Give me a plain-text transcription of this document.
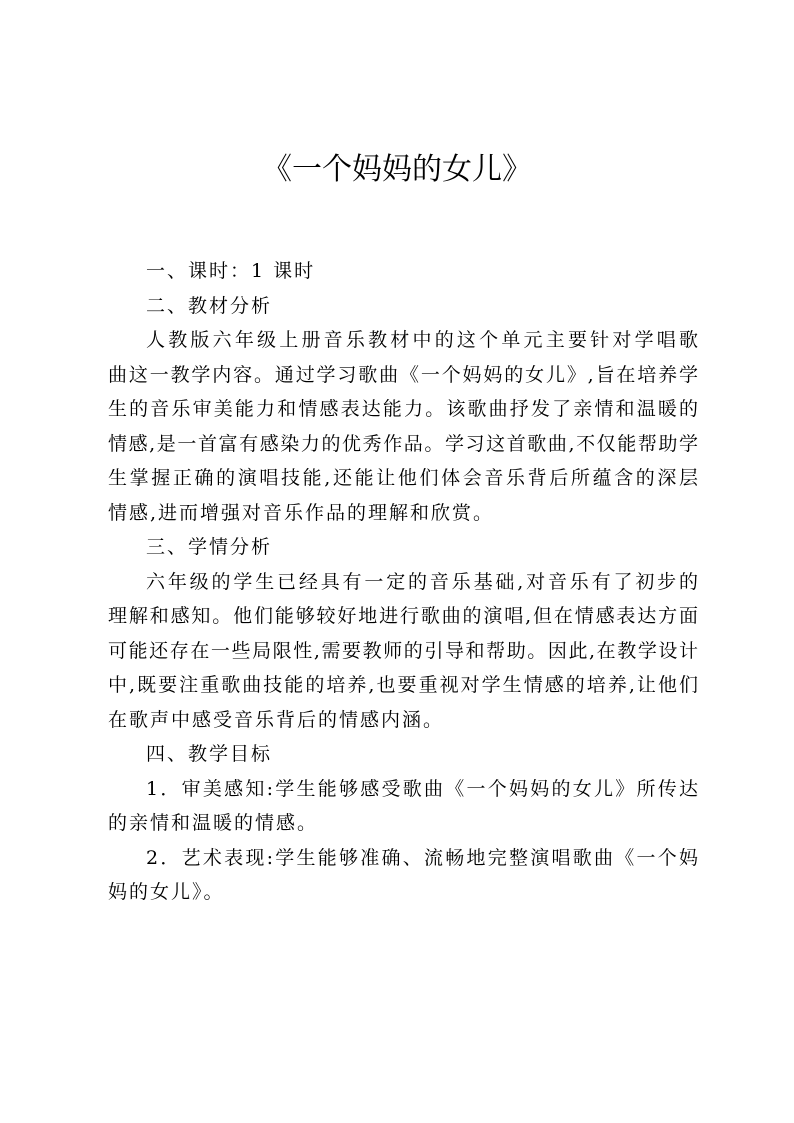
《一个妈妈的女儿》
一、课时：1 课时
二、教材分析
人教版六年级上册音乐教材中的这个单元主要针对学唱歌
曲这一教学内容。通过学习歌曲《一个妈妈的女儿》,旨在培养学
生的音乐审美能力和情感表达能力。该歌曲抒发了亲情和温暖的
情感,是一首富有感染力的优秀作品。学习这首歌曲,不仅能帮助学
生掌握正确的演唱技能,还能让他们体会音乐背后所蕴含的深层
情感,进而增强对音乐作品的理解和欣赏。
三、学情分析
六年级的学生已经具有一定的音乐基础,对音乐有了初步的
理解和感知。他们能够较好地进行歌曲的演唱,但在情感表达方面
可能还存在一些局限性,需要教师的引导和帮助。因此,在教学设计
中,既要注重歌曲技能的培养,也要重视对学生情感的培养,让他们
在歌声中感受音乐背后的情感内涵。
四、教学目标
1．审美感知:学生能够感受歌曲《一个妈妈的女儿》所传达
的亲情和温暖的情感。
2．艺术表现:学生能够准确、流畅地完整演唱歌曲《一个妈
妈的女儿》。
